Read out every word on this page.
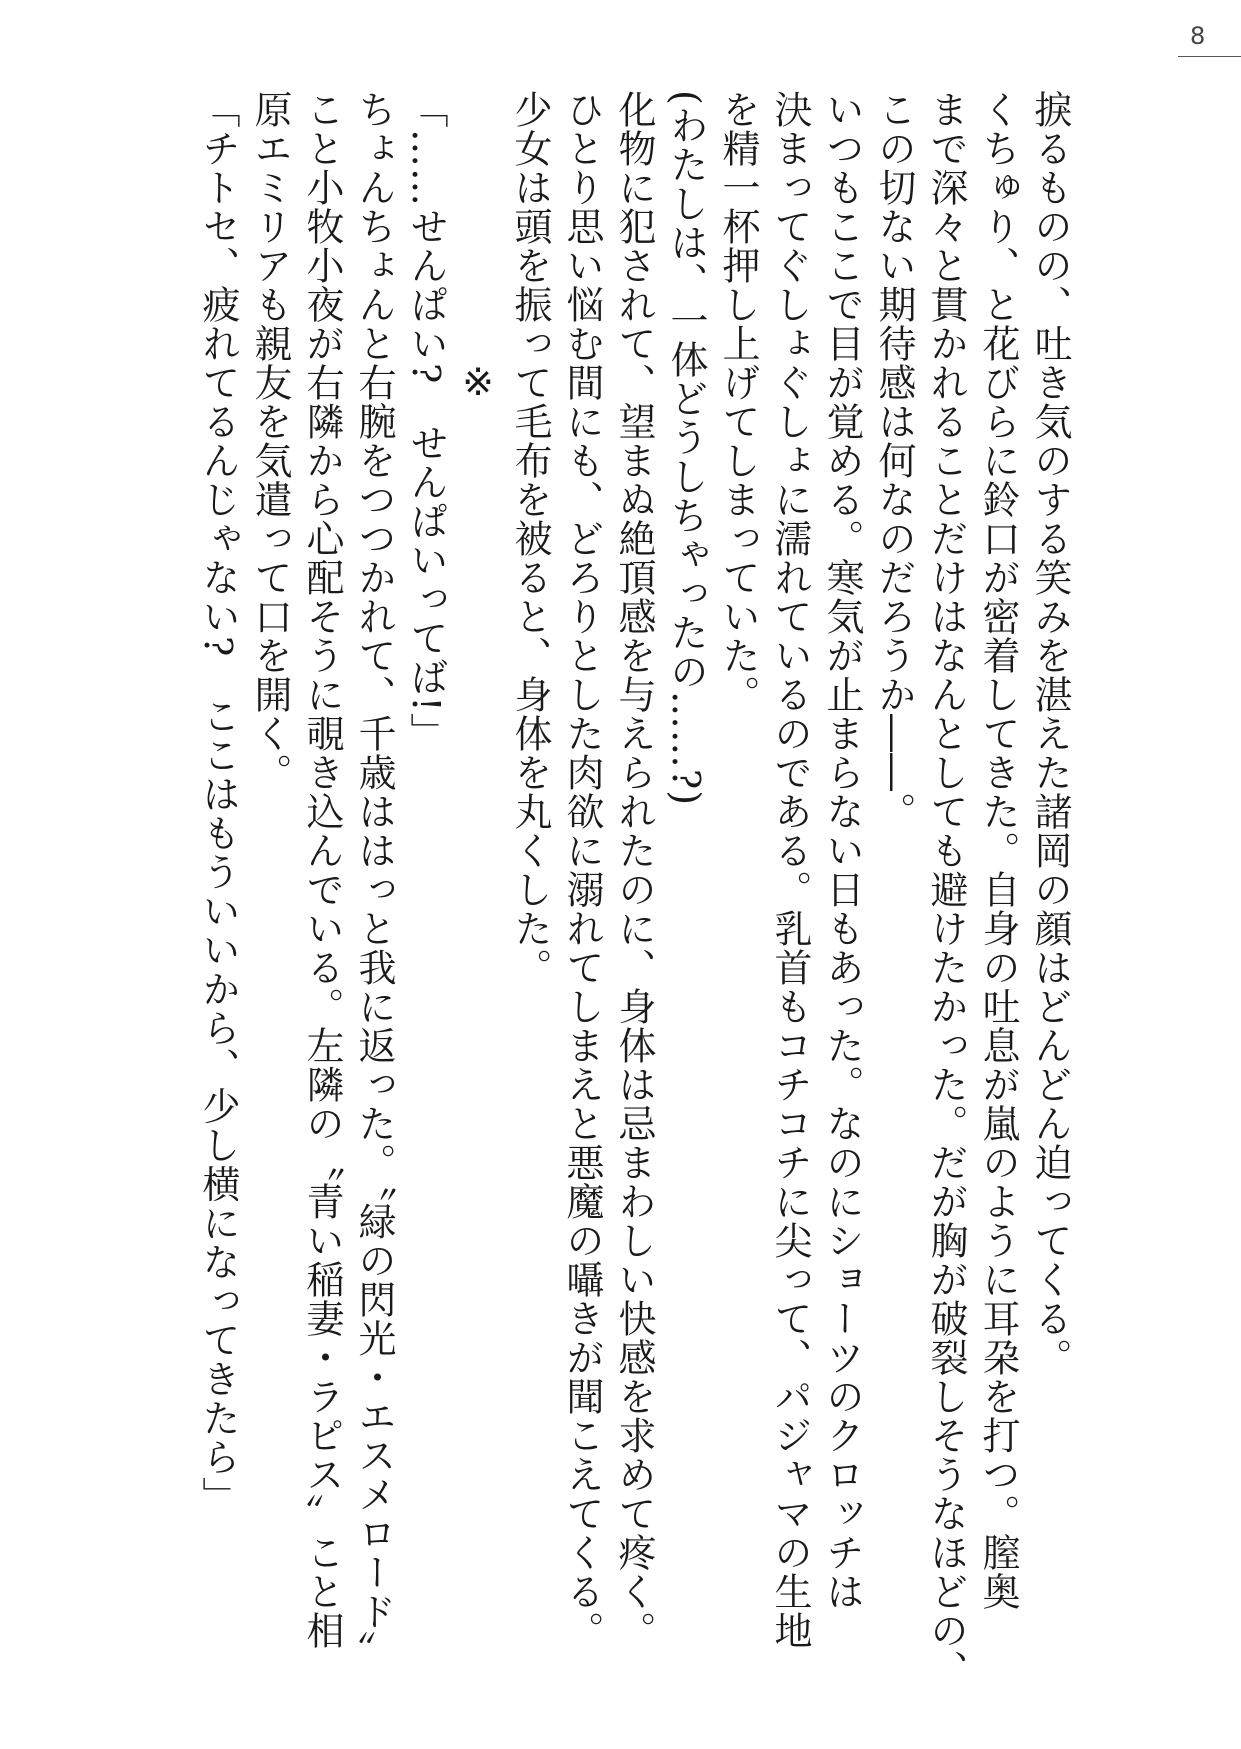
8
捩るものの、吐き気のする笑みを湛えた諸岡の顔はどんどん迫ってくる。
くちゅり、と花びらに鈴口が密着してきた。自身の吐息が嵐のように耳朶を打つ。膣奥
まで深々と貫かれることだけはなんとしても避けたかった。だが胸が破裂しそうなほどの、
この切ない期待感は何なのだろうか――。
いつもここで目が覚める。寒気が止まらない日もあった。なのにショーツのクロッチは
決まってぐしょぐしょに濡れているのである。乳首もコチコチに尖って、パジャマの生地
を精一杯押し上げてしまっていた。
(わたしは、一体どうしちゃったの……?)
化物に犯されて、望まぬ絶頂感を与えられたのに、身体は忌まわしい快感を求めて疼く。
ひとり思い悩む間にも、どろりとした肉欲に溺れてしまえと悪魔の囁きが聞こえてくる。
少女は頭を振って毛布を被ると、身体を丸くした。
※
「……せんぱい?　せんぱいってば!」
ちょんちょんと右腕をつつかれて、千歳ははっと我に返った。〝緑の閃光・エスメロード〟
こと小牧小夜が右隣から心配そうに覗き込んでいる。左隣の〝青い稲妻・ラピス〟こと相
原エミリアも親友を気遣って口を開く。
「チトセ、疲れてるんじゃない?　ここはもういいから、少し横になってきたら」
